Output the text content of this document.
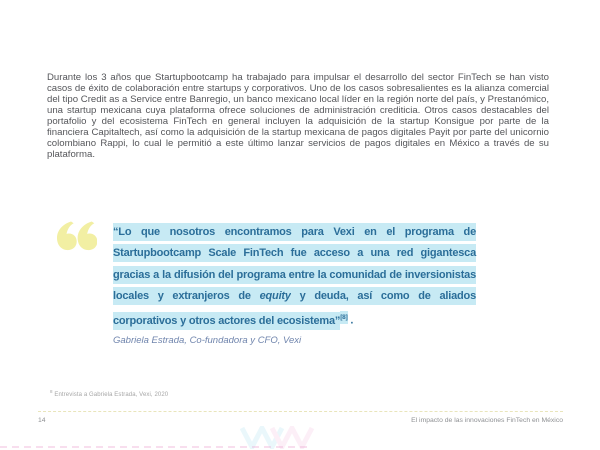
Durante los 3 años que Startupbootcamp ha trabajado para impulsar el desarrollo del sector FinTech se han visto casos de éxito de colaboración entre startups y corporativos. Uno de los casos sobresalientes es la alianza comercial del tipo Credit as a Service entre Banregio, un banco mexicano local líder en la región norte del país, y Prestanómico, una startup mexicana cuya plataforma ofrece soluciones de administración crediticia. Otros casos destacables del portafolio y del ecosistema FinTech en general incluyen la adquisición de la startup Konsigue por parte de la financiera Capitaltech, así como la adquisición de la startup mexicana de pagos digitales Payit por parte del unicornio colombiano Rappi, lo cual le permitió a este último lanzar servicios de pagos digitales en México a través de su plataforma.

“Lo que nosotros encontramos para Vexi en el programa de Startupbootcamp Scale FinTech fue acceso a una red gigantesca gracias a la difusión del programa entre la comunidad de inversionistas locales y extranjeros de equity y deuda, así como de aliados corporativos y otros actores del ecosistema”[8] .

Gabriela Estrada, Co-fundadora y CFO, Vexi

$^8$ Entrevista a Gabriela Estrada, Vexi, 2020

14	El impacto de las innovaciones FinTech en México
